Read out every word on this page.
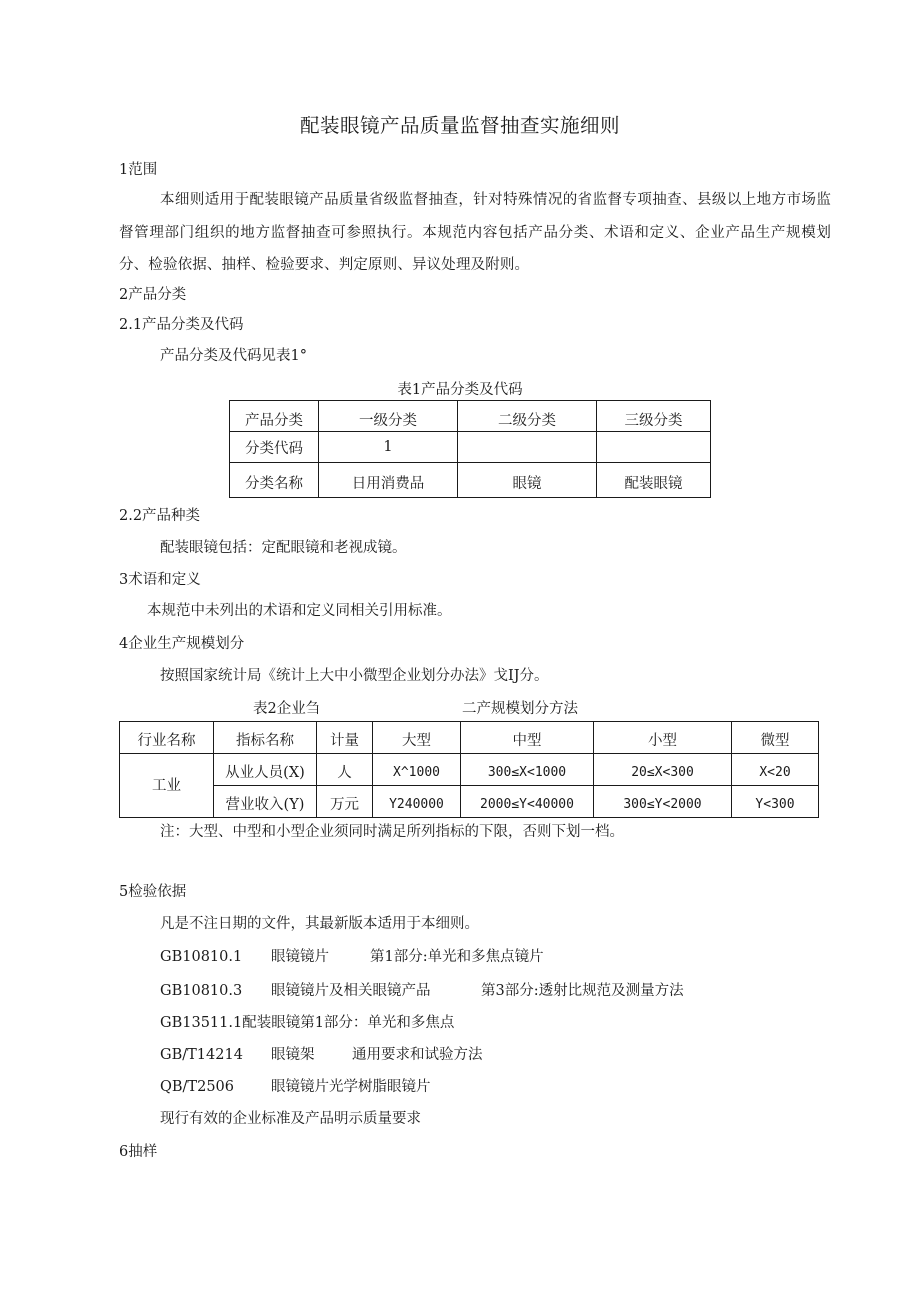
配装眼镜产品质量监督抽查实施细则
1范围
本细则适用于配装眼镜产品质量省级监督抽查，针对特殊情况的省监督专项抽查、县级以上地方市场监督管理部门组织的地方监督抽查可参照执行。本规范内容包括产品分类、术语和定义、企业产品生产规模划分、检验依据、抽样、检验要求、判定原则、异议处理及附则。
2产品分类
2.1产品分类及代码
产品分类及代码见表1°
表1产品分类及代码
产品分类	一级分类	二级分类	三级分类
分类代码	1		
分类名称	日用消费品	眼镜	配装眼镜
2.2产品种类
配装眼镜包括：定配眼镜和老视成镜。
3术语和定义
本规范中未列出的术语和定义同相关引用标准。
4企业生产规模划分
按照国家统计局《统计上大中小微型企业划分办法》戈IJ分。
表2企业刍	二产规模划分方法
行业名称	指标名称	计量	大型	中型	小型	微型
工业	从业人员(X)	人	X^1000	300≤X<1000	20≤X<300	X<20
	营业收入(Y)	万元	Y240000	2000≤Y<40000	300≤Y<2000	Y<300
注：大型、中型和小型企业须同时满足所列指标的下限，否则下划一档。
5检验依据
凡是不注日期的文件，其最新版本适用于本细则。
GB10810.1 眼镜镜片	第1部分:单光和多焦点镜片
GB10810.3 眼镜镜片及相关眼镜产品	第3部分:透射比规范及测量方法
GB13511.1配装眼镜第1部分：单光和多焦点
GB/T14214 眼镜架	通用要求和试验方法
QB/T2506	眼镜镜片光学树脂眼镜片
现行有效的企业标准及产品明示质量要求
6抽样
